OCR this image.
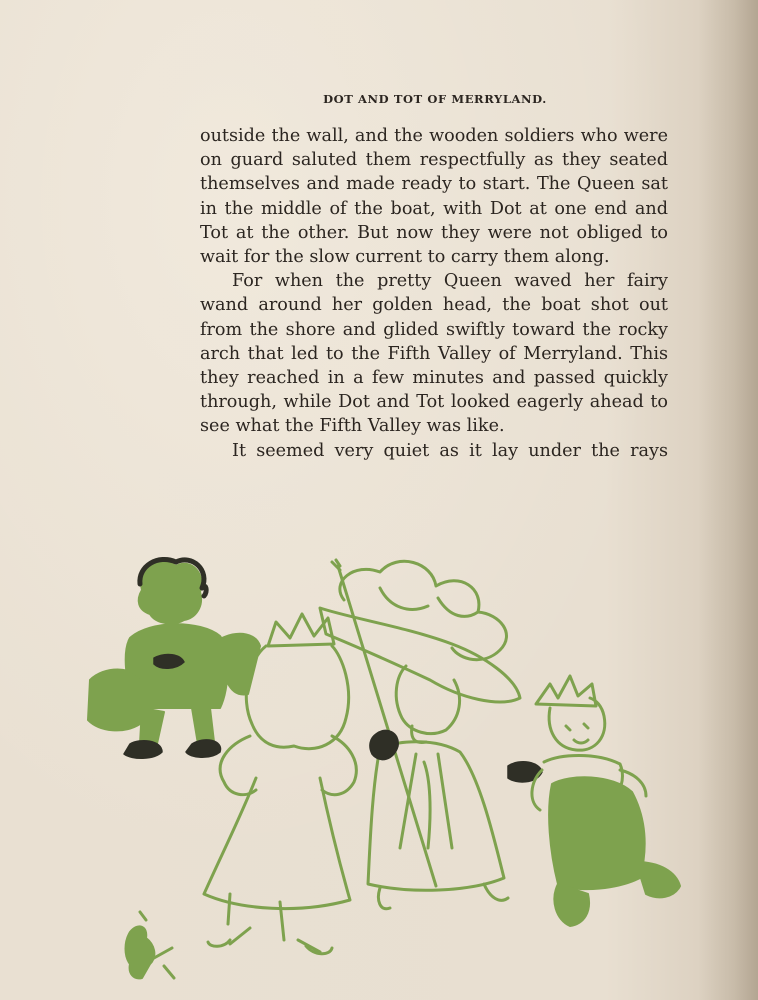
DOT AND TOT OF MERRYLAND.

outside the wall, and the wooden soldiers who were on guard saluted them respectfully as they seated themselves and made ready to start. The Queen sat in the middle of the boat, with Dot at one end and Tot at the other. But now they were not obliged to wait for the slow current to carry them along.

For when the pretty Queen waved her fairy wand around her golden head, the boat shot out from the shore and glided swiftly toward the rocky arch that led to the Fifth Valley of Merryland. This they reached in a few minutes and passed quickly through, while Dot and Tot looked eagerly ahead to see what the Fifth Valley was like.

It seemed very quiet as it lay under the rays
